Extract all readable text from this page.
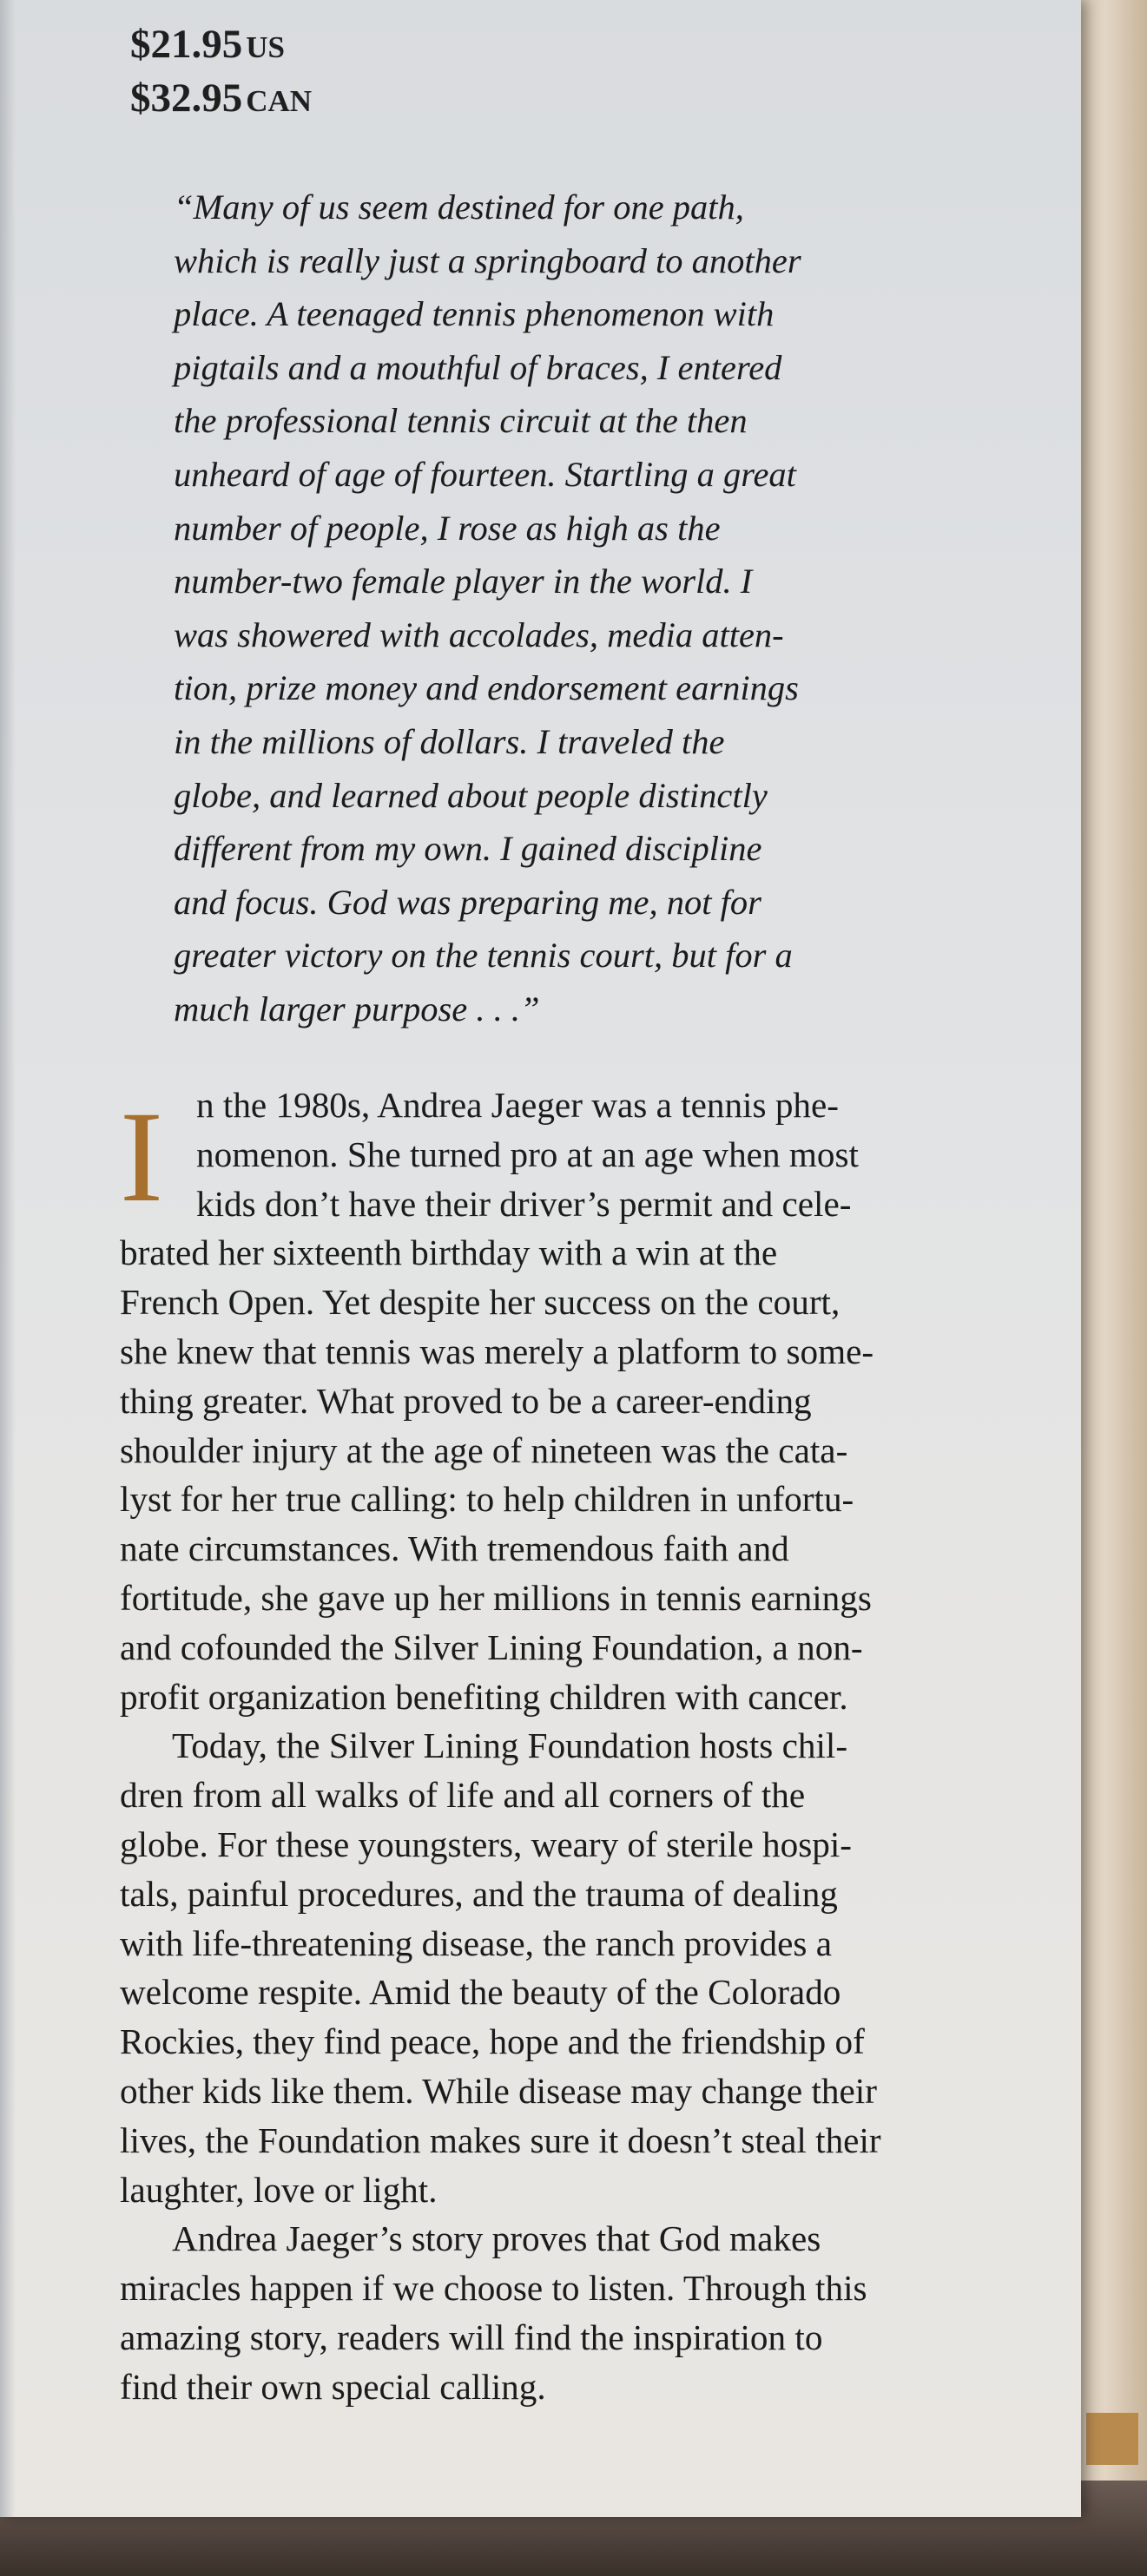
$21.95 US
$32.95 CAN
“Many of us seem destined for one path,
which is really just a springboard to another
place. A teenaged tennis phenomenon with
pigtails and a mouthful of braces, I entered
the professional tennis circuit at the then
unheard of age of fourteen. Startling a great
number of people, I rose as high as the
number-two female player in the world. I
was showered with accolades, media atten-
tion, prize money and endorsement earnings
in the millions of dollars. I traveled the
globe, and learned about people distinctly
different from my own. I gained discipline
and focus. God was preparing me, not for
greater victory on the tennis court, but for a
much larger purpose . . .”
I n the 1980s, Andrea Jaeger was a tennis phe-
nomenon. She turned pro at an age when most
kids don’t have their driver’s permit and cele-
brated her sixteenth birthday with a win at the
French Open. Yet despite her success on the court,
she knew that tennis was merely a platform to some-
thing greater. What proved to be a career-ending
shoulder injury at the age of nineteen was the cata-
lyst for her true calling: to help children in unfortu-
nate circumstances. With tremendous faith and
fortitude, she gave up her millions in tennis earnings
and cofounded the Silver Lining Foundation, a non-
profit organization benefiting children with cancer.
Today, the Silver Lining Foundation hosts chil-
dren from all walks of life and all corners of the
globe. For these youngsters, weary of sterile hospi-
tals, painful procedures, and the trauma of dealing
with life-threatening disease, the ranch provides a
welcome respite. Amid the beauty of the Colorado
Rockies, they find peace, hope and the friendship of
other kids like them. While disease may change their
lives, the Foundation makes sure it doesn’t steal their
laughter, love or light.
Andrea Jaeger’s story proves that God makes
miracles happen if we choose to listen. Through this
amazing story, readers will find the inspiration to
find their own special calling.
